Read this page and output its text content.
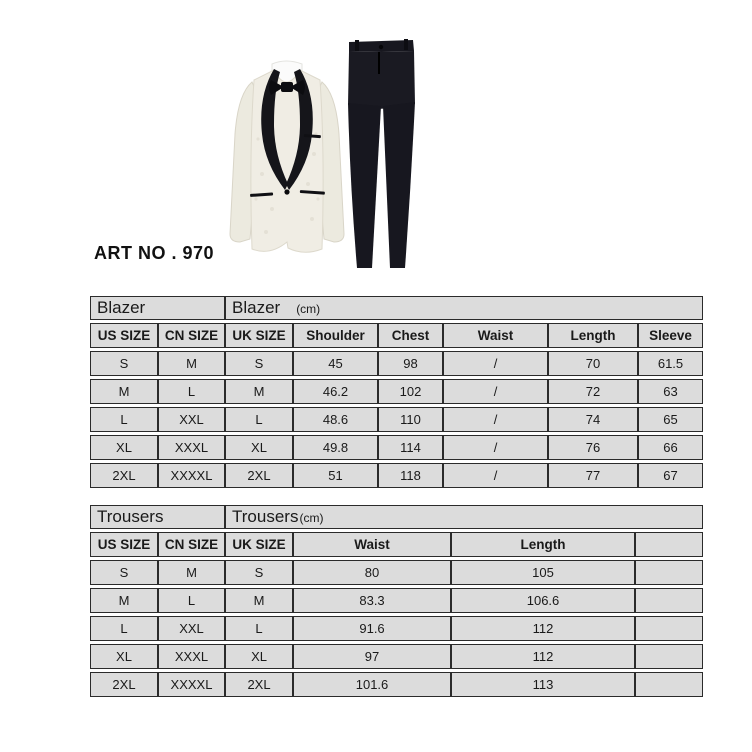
ART NO . 970
Blazer		Blazer (cm)					
US SIZE	CN SIZE	UK SIZE	Shoulder	Chest	Waist	Length	Sleeve
S	M	S	45	98	/	70	61.5
M	L	M	46.2	102	/	72	63
L	XXL	L	48.6	110	/	74	65
XL	XXXL	XL	49.8	114	/	76	66
2XL	XXXXL	2XL	51	118	/	77	67
Trousers		Trousers(cm)			
US SIZE	CN SIZE	UK SIZE	Waist	Length	
S	M	S	80	105	
M	L	M	83.3	106.6	
L	XXL	L	91.6	112	
XL	XXXL	XL	97	112	
2XL	XXXXL	2XL	101.6	113	
